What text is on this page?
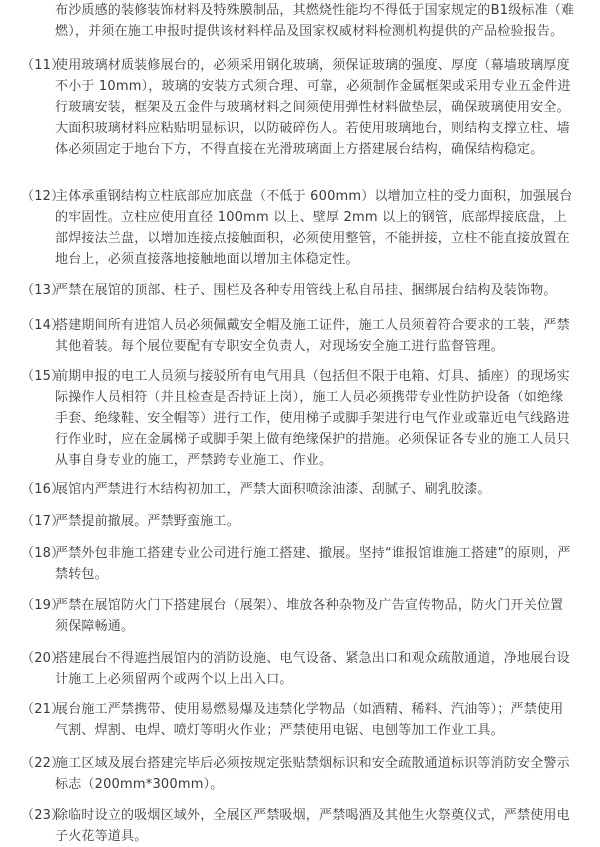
布沙质感的装修装饰材料及特殊膜制品，其燃烧性能均不得低于国家规定的B1级标准（难燃），并须在施工申报时提供该材料样品及国家权威材料检测机构提供的产品检验报告。
（11）
使用玻璃材质装修展台的，必须采用钢化玻璃，须保证玻璃的强度、厚度（幕墙玻璃厚度不小于 10mm），玻璃的安装方式须合理、可靠，必须制作金属框架或采用专业五金件进行玻璃安装，框架及五金件与玻璃材料之间须使用弹性材料做垫层，确保玻璃使用安全。大面积玻璃材料应粘贴明显标识，以防破碎伤人。若使用玻璃地台，则结构支撑立柱、墙体必须固定于地台下方，不得直接在光滑玻璃面上方搭建展台结构，确保结构稳定。
（12）
主体承重钢结构立柱底部应加底盘（不低于 600mm）以增加立柱的受力面积，加强展台的牢固性。立柱应使用直径 100mm 以上、壁厚 2mm 以上的钢管，底部焊接底盘，上部焊接法兰盘，以增加连接点接触面积，必须使用整管，不能拼接，立柱不能直接放置在地台上，必须直接落地接触地面以增加主体稳定性。
（13）
严禁在展馆的顶部、柱子、围栏及各种专用管线上私自吊挂、捆绑展台结构及装饰物。
（14）
搭建期间所有进馆人员必须佩戴安全帽及施工证件，施工人员须着符合要求的工装，严禁其他着装。每个展位要配有专职安全负责人，对现场安全施工进行监督管理。
（15）
前期申报的电工人员须与接驳所有电气用具（包括但不限于电箱、灯具、插座）的现场实际操作人员相符（并且检查是否持证上岗），施工人员必须携带专业性防护设备（如绝缘手套、绝缘鞋、安全帽等）进行工作，使用梯子或脚手架进行电气作业或靠近电气线路进行作业时，应在金属梯子或脚手架上做有绝缘保护的措施。必须保证各专业的施工人员只从事自身专业的施工，严禁跨专业施工、作业。
（16）
展馆内严禁进行木结构初加工，严禁大面积喷涂油漆、刮腻子、刷乳胶漆。
（17）
严禁提前撤展。严禁野蛮施工。
（18）
严禁外包非施工搭建专业公司进行施工搭建、撤展。坚持“谁报馆谁施工搭建”的原则，严禁转包。
（19）
严禁在展馆防火门下搭建展台（展架）、堆放各种杂物及广告宣传物品，防火门开关位置须保障畅通。
（20）
搭建展台不得遮挡展馆内的消防设施、电气设备、紧急出口和观众疏散通道，净地展台设计施工上必须留两个或两个以上出入口。
（21）
展台施工严禁携带、使用易燃易爆及违禁化学物品（如酒精、稀料、汽油等）；严禁使用气割、焊割、电焊、喷灯等明火作业；严禁使用电锯、电刨等加工作业工具。
（22）
施工区域及展台搭建完毕后必须按规定张贴禁烟标识和安全疏散通道标识等消防安全警示标志（200mm*300mm）。
（23）
除临时设立的吸烟区域外，全展区严禁吸烟，严禁喝酒及其他生火祭奠仪式，严禁使用电子火花等道具。
